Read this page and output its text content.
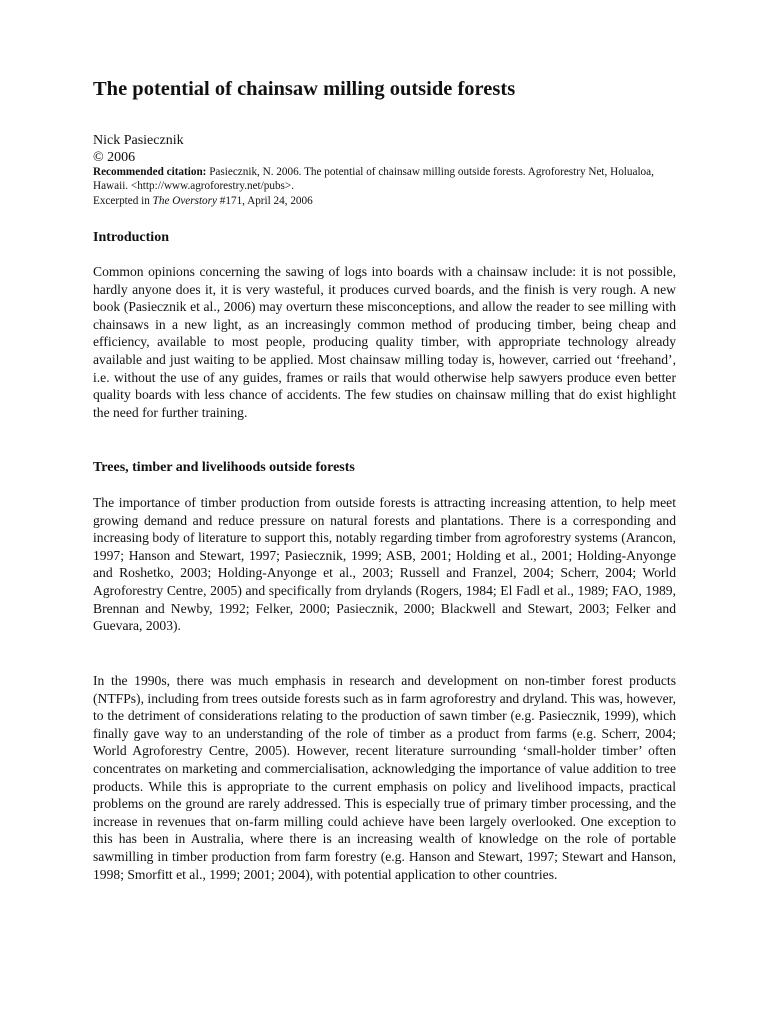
The potential of chainsaw milling outside forests
Nick Pasiecznik
© 2006
Recommended citation: Pasiecznik, N. 2006. The potential of chainsaw milling outside forests. Agroforestry Net, Holualoa, Hawaii. <http://www.agroforestry.net/pubs>.
Excerpted in The Overstory #171, April 24, 2006
Introduction

Common opinions concerning the sawing of logs into boards with a chainsaw include: it is not possible, hardly anyone does it, it is very wasteful, it produces curved boards, and the finish is very rough. A new book (Pasiecznik et al., 2006) may overturn these misconceptions, and allow the reader to see milling with chainsaws in a new light, as an increasingly common method of producing timber, being cheap and efficiency, available to most people, producing quality timber, with appropriate technology already available and just waiting to be applied. Most chainsaw milling today is, however, carried out ‘freehand’, i.e. without the use of any guides, frames or rails that would otherwise help sawyers produce even better quality boards with less chance of accidents. The few studies on chainsaw milling that do exist highlight the need for further training.

Trees, timber and livelihoods outside forests

The importance of timber production from outside forests is attracting increasing attention, to help meet growing demand and reduce pressure on natural forests and plantations. There is a corresponding and increasing body of literature to support this, notably regarding timber from agroforestry systems (Arancon, 1997; Hanson and Stewart, 1997; Pasiecznik, 1999; ASB, 2001; Holding et al., 2001; Holding-Anyonge and Roshetko, 2003; Holding-Anyonge et al., 2003; Russell and Franzel, 2004; Scherr, 2004; World Agroforestry Centre, 2005) and specifically from drylands (Rogers, 1984; El Fadl et al., 1989; FAO, 1989, Brennan and Newby, 1992; Felker, 2000; Pasiecznik, 2000; Blackwell and Stewart, 2003; Felker and Guevara, 2003).

In the 1990s, there was much emphasis in research and development on non-timber forest products (NTFPs), including from trees outside forests such as in farm agroforestry and dryland. This was, however, to the detriment of considerations relating to the production of sawn timber (e.g. Pasiecznik, 1999), which finally gave way to an understanding of the role of timber as a product from farms (e.g. Scherr, 2004; World Agroforestry Centre, 2005). However, recent literature surrounding ‘small-holder timber’ often concentrates on marketing and commercialisation, acknowledging the importance of value addition to tree products. While this is appropriate to the current emphasis on policy and livelihood impacts, practical problems on the ground are rarely addressed. This is especially true of primary timber processing, and the increase in revenues that on-farm milling could achieve have been largely overlooked. One exception to this has been in Australia, where there is an increasing wealth of knowledge on the role of portable sawmilling in timber production from farm forestry (e.g. Hanson and Stewart, 1997; Stewart and Hanson, 1998; Smorfitt et al., 1999; 2001; 2004), with potential application to other countries.
